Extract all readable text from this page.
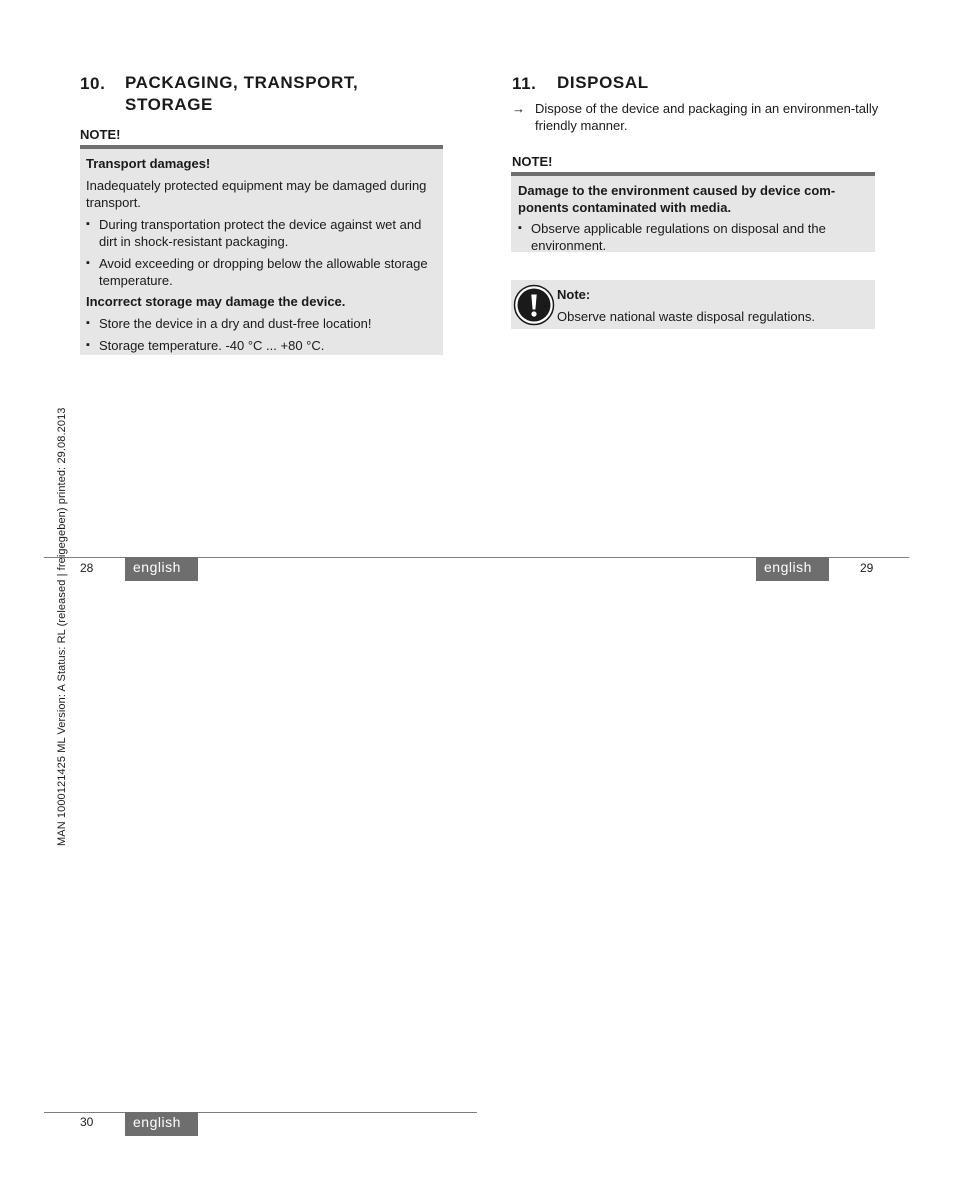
10. PACKAGING, TRANSPORT,
STORAGE
NOTE!

Transport damages!

Inadequately protected equipment may be damaged during transport.

▪ During transportation protect the device against wet and dirt in shock-resistant packaging.
▪ Avoid exceeding or dropping below the allowable storage temperature.

Incorrect storage may damage the device.

▪ Store the device in a dry and dust-free location!
▪ Storage temperature. -40 °C ... +80 °C.
11. DISPOSAL
→ Dispose of the device and packaging in an environmen-tally friendly manner.
NOTE!

Damage to the environment caused by device com-ponents contaminated with media.

▪ Observe applicable regulations on disposal and the environment.
Note:
Observe national waste disposal regulations.
28	english	english	29
30	english
MAN 1000121425 ML Version: A Status: RL (released | freigegeben) printed: 29.08.2013
